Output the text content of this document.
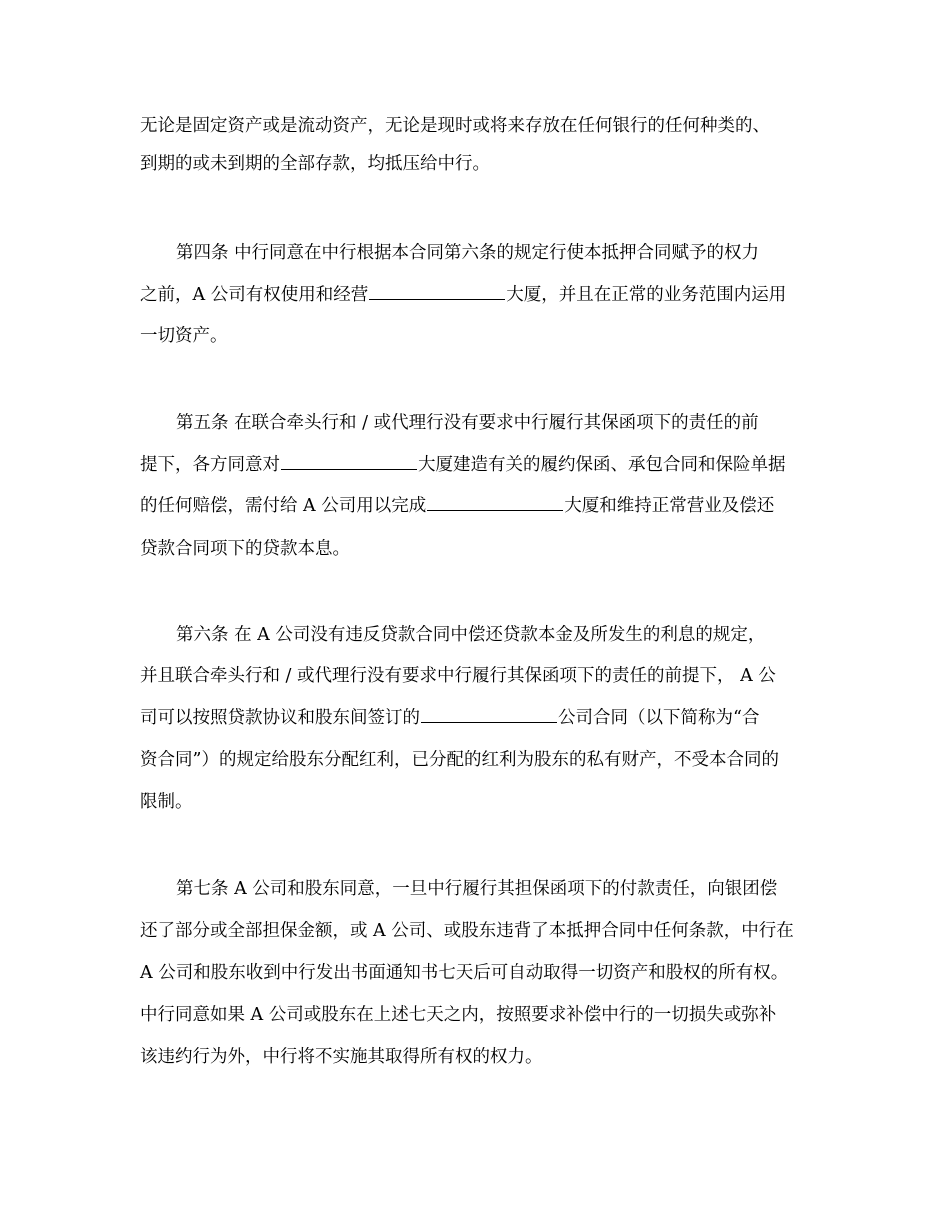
无论是固定资产或是流动资产，无论是现时或将来存放在任何银行的任何种类的、
到期的或未到期的全部存款，均抵压给中行。
第四条 中行同意在中行根据本合同第六条的规定行使本抵押合同赋予的权力
之前，A 公司有权使用和经营	大厦，并且在正常的业务范围内运用
一切资产。
第五条 在联合牵头行和 / 或代理行没有要求中行履行其保函项下的责任的前
提下，各方同意对	大厦建造有关的履约保函、承包合同和保险单据
的任何赔偿，需付给 A 公司用以完成	大厦和维持正常营业及偿还
贷款合同项下的贷款本息。
第六条 在 A 公司没有违反贷款合同中偿还贷款本金及所发生的利息的规定，
并且联合牵头行和 / 或代理行没有要求中行履行其保函项下的责任的前提下， A 公
司可以按照贷款协议和股东间签订的	公司合同（以下简称为“合
资合同”）的规定给股东分配红利，已分配的红利为股东的私有财产，不受本合同的
限制。
第七条 A 公司和股东同意，一旦中行履行其担保函项下的付款责任，向银团偿
还了部分或全部担保金额，或 A 公司、或股东违背了本抵押合同中任何条款，中行在
A 公司和股东收到中行发出书面通知书七天后可自动取得一切资产和股权的所有权。
中行同意如果 A 公司或股东在上述七天之内，按照要求补偿中行的一切损失或弥补
该违约行为外，中行将不实施其取得所有权的权力。
